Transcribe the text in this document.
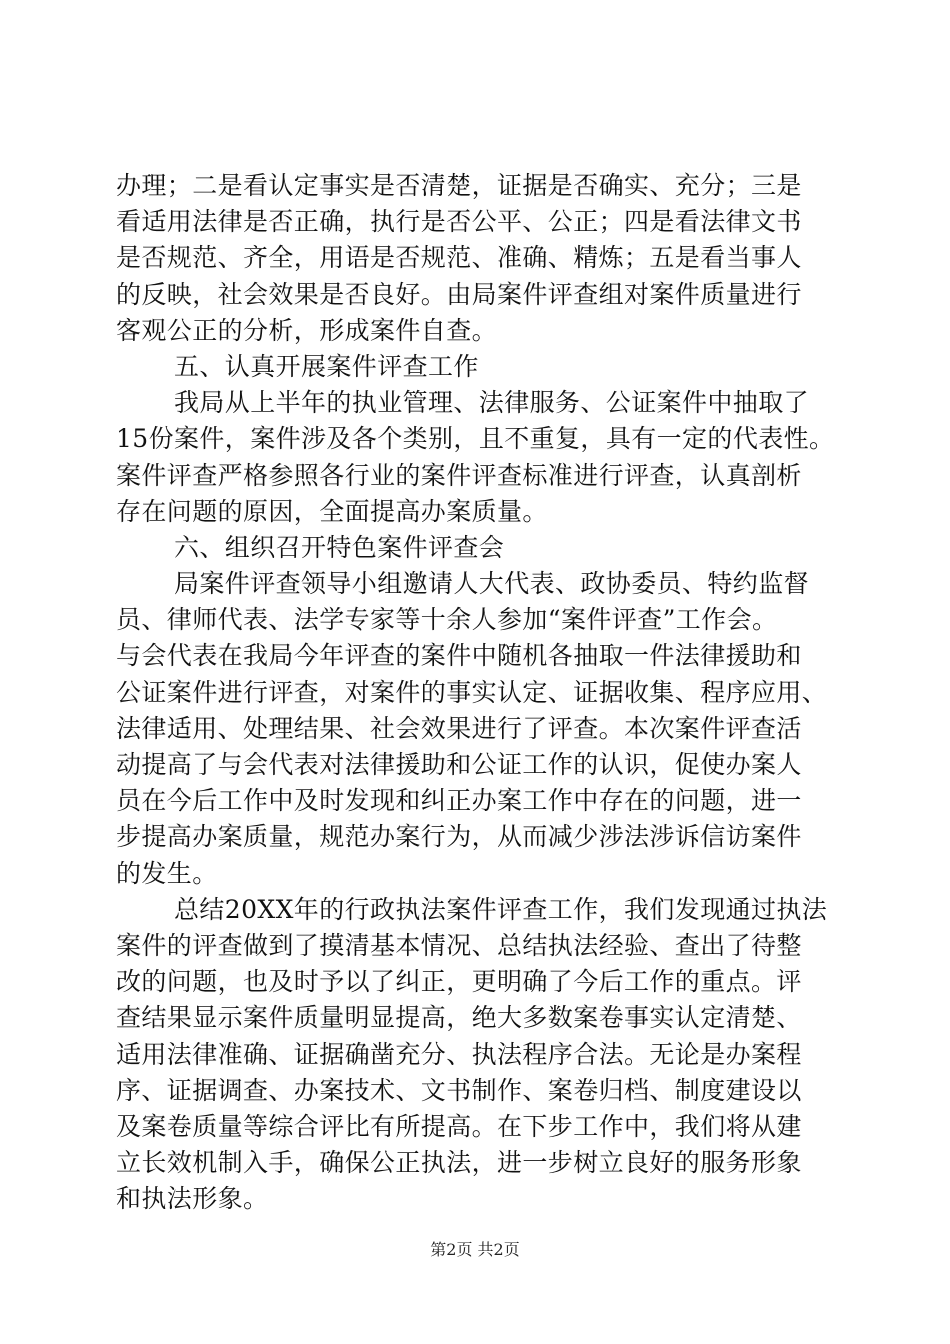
办理；二是看认定事实是否清楚，证据是否确实、充分；三是
看适用法律是否正确，执行是否公平、公正；四是看法律文书
是否规范、齐全，用语是否规范、准确、精炼；五是看当事人
的反映，社会效果是否良好。由局案件评查组对案件质量进行
客观公正的分析，形成案件自查。
五、认真开展案件评查工作
我局从上半年的执业管理、法律服务、公证案件中抽取了
15份案件，案件涉及各个类别，且不重复，具有一定的代表性。
案件评查严格参照各行业的案件评查标准进行评查，认真剖析
存在问题的原因，全面提高办案质量。
六、组织召开特色案件评查会
局案件评查领导小组邀请人大代表、政协委员、特约监督
员、律师代表、法学专家等十余人参加“案件评查”工作会。
与会代表在我局今年评查的案件中随机各抽取一件法律援助和
公证案件进行评查，对案件的事实认定、证据收集、程序应用、
法律适用、处理结果、社会效果进行了评查。本次案件评查活
动提高了与会代表对法律援助和公证工作的认识，促使办案人
员在今后工作中及时发现和纠正办案工作中存在的问题，进一
步提高办案质量，规范办案行为，从而减少涉法涉诉信访案件
的发生。
总结20XX年的行政执法案件评查工作，我们发现通过执法
案件的评查做到了摸清基本情况、总结执法经验、查出了待整
改的问题，也及时予以了纠正，更明确了今后工作的重点。评
查结果显示案件质量明显提高，绝大多数案卷事实认定清楚、
适用法律准确、证据确凿充分、执法程序合法。无论是办案程
序、证据调查、办案技术、文书制作、案卷归档、制度建设以
及案卷质量等综合评比有所提高。在下步工作中，我们将从建
立长效机制入手，确保公正执法，进一步树立良好的服务形象
和执法形象。
第2页 共2页
